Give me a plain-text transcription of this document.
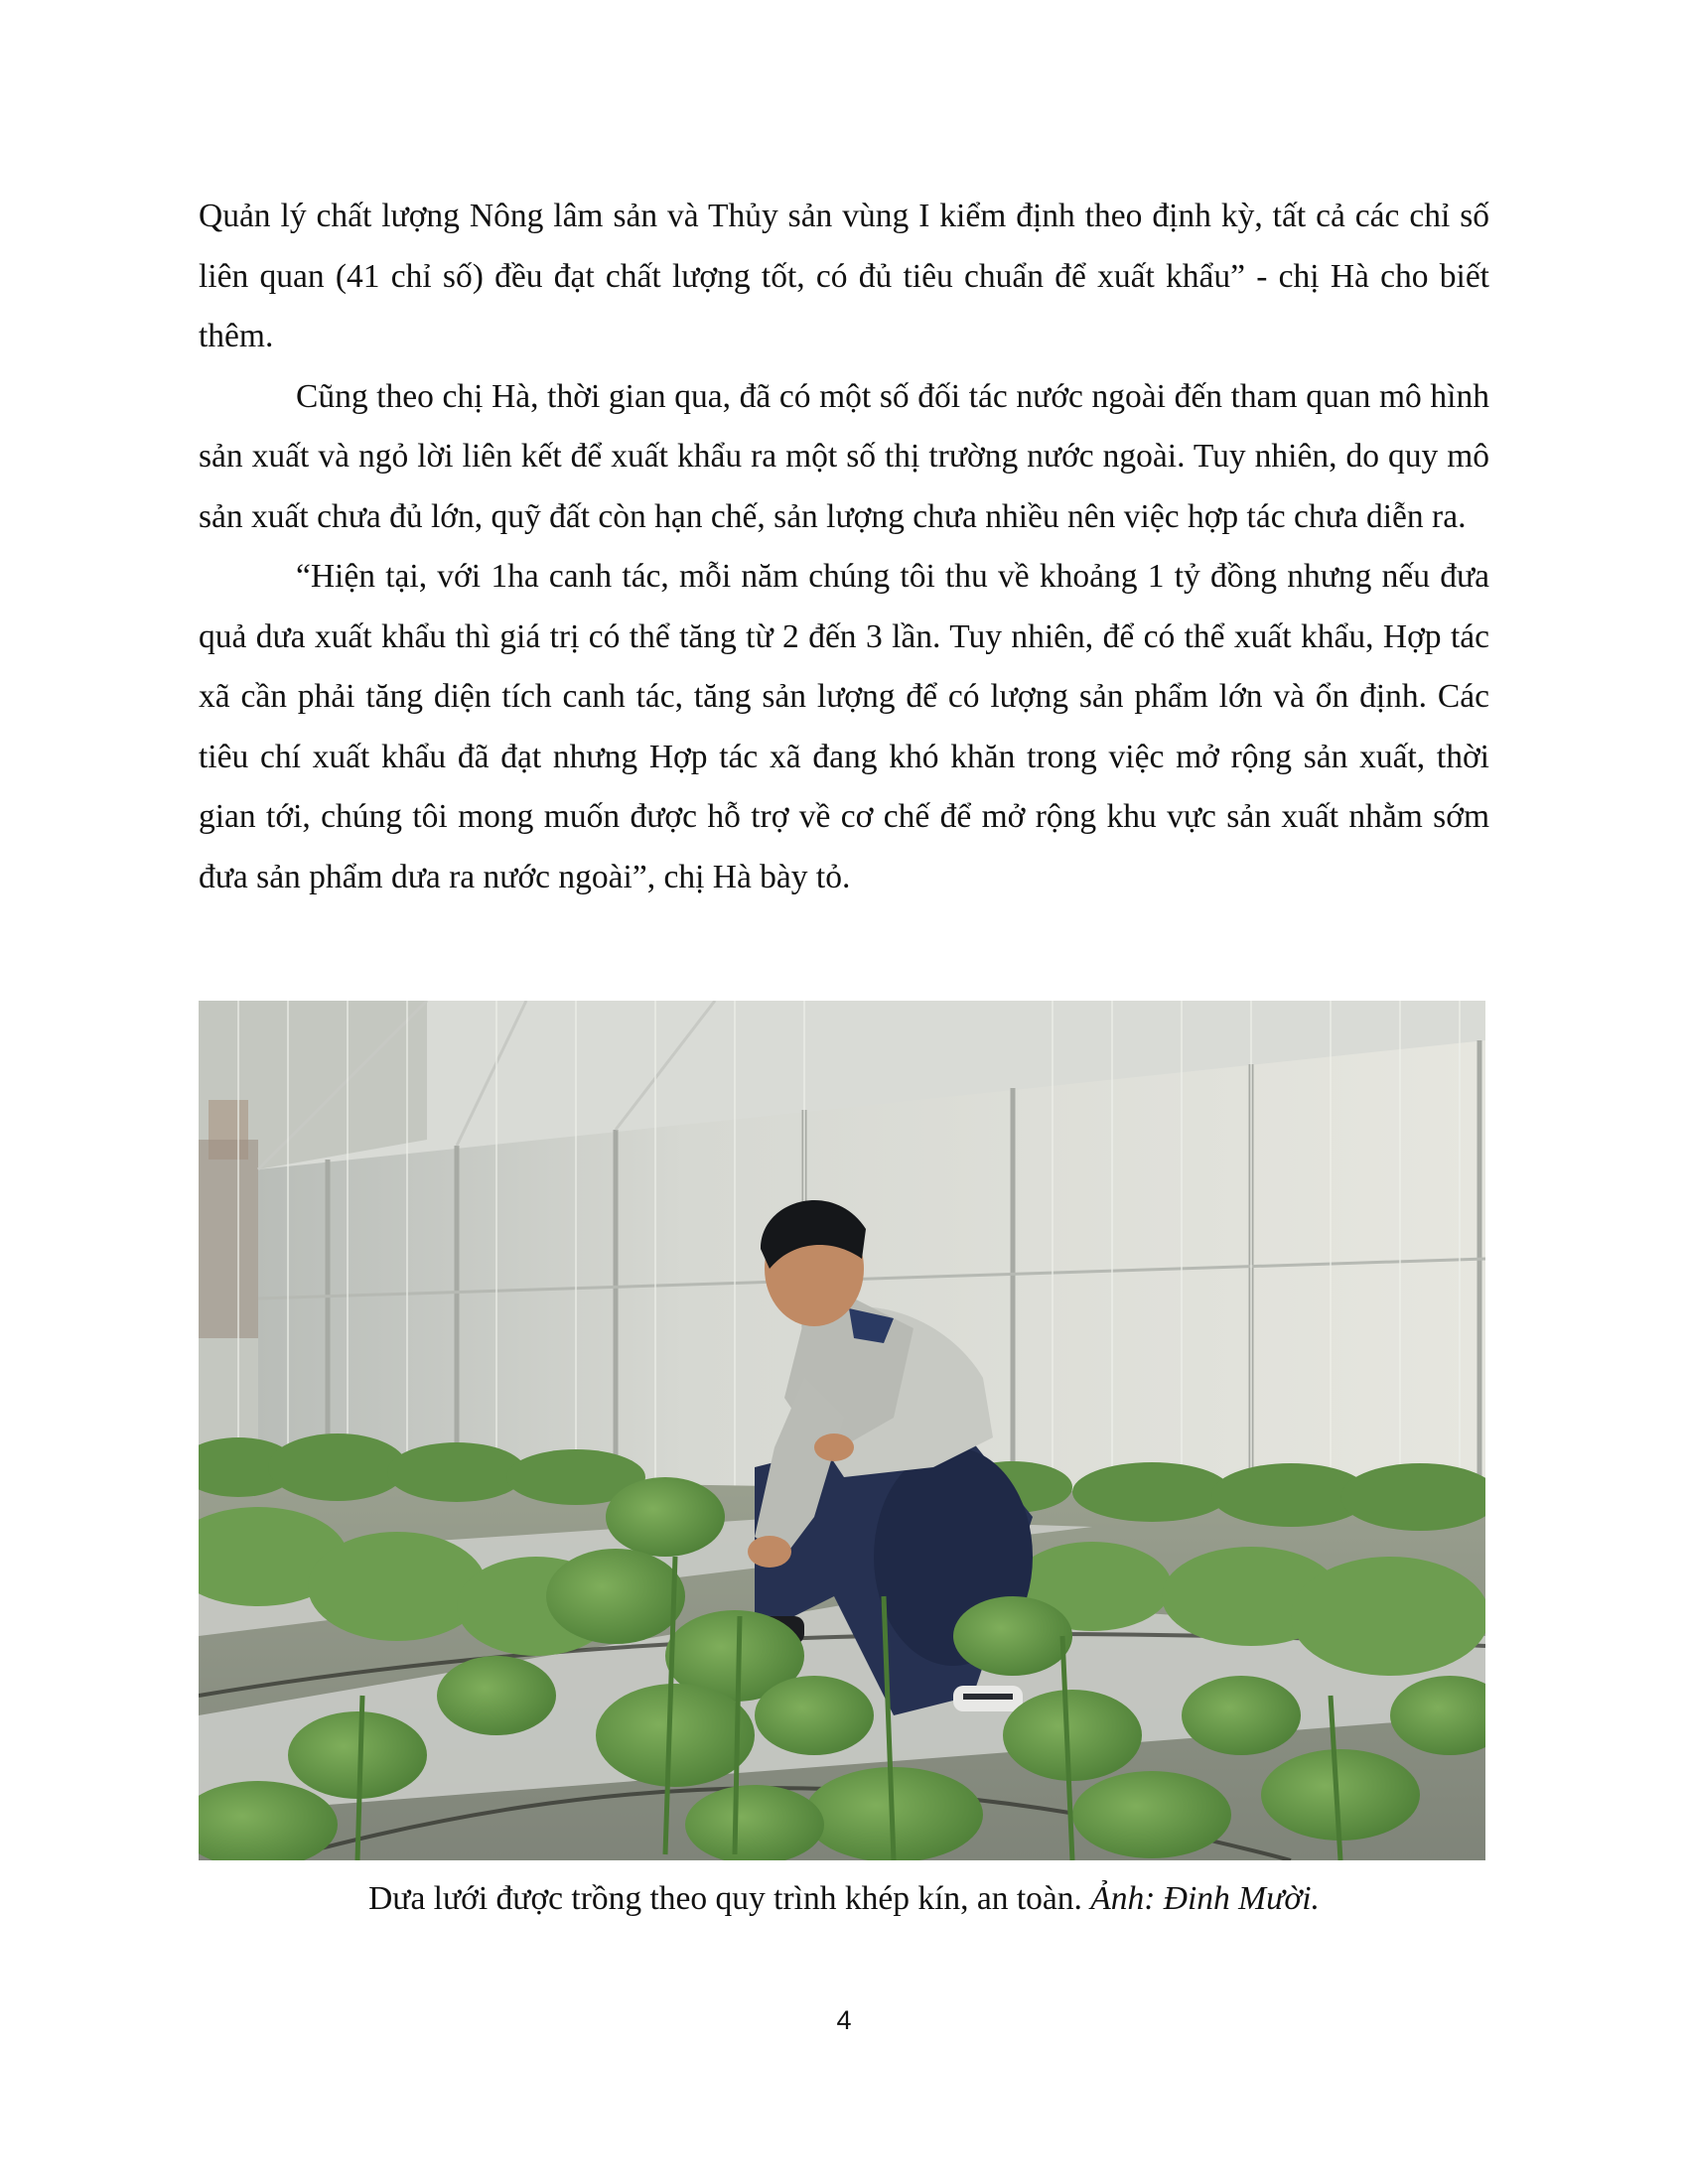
Quản lý chất lượng Nông lâm sản và Thủy sản vùng I kiểm định theo định kỳ, tất cả các chỉ số liên quan (41 chỉ số) đều đạt chất lượng tốt, có đủ tiêu chuẩn để xuất khẩu” - chị Hà cho biết thêm.

Cũng theo chị Hà, thời gian qua, đã có một số đối tác nước ngoài đến tham quan mô hình sản xuất và ngỏ lời liên kết để xuất khẩu ra một số thị trường nước ngoài. Tuy nhiên, do quy mô sản xuất chưa đủ lớn, quỹ đất còn hạn chế, sản lượng chưa nhiều nên việc hợp tác chưa diễn ra.

“Hiện tại, với 1ha canh tác, mỗi năm chúng tôi thu về khoảng 1 tỷ đồng nhưng nếu đưa quả dưa xuất khẩu thì giá trị có thể tăng từ 2 đến 3 lần. Tuy nhiên, để có thể xuất khẩu, Hợp tác xã cần phải tăng diện tích canh tác, tăng sản lượng để có lượng sản phẩm lớn và ổn định. Các tiêu chí xuất khẩu đã đạt nhưng Hợp tác xã đang khó khăn trong việc mở rộng sản xuất, thời gian tới, chúng tôi mong muốn được hỗ trợ về cơ chế để mở rộng khu vực sản xuất nhằm sớm đưa sản phẩm dưa ra nước ngoài”, chị Hà bày tỏ.

Dưa lưới được trồng theo quy trình khép kín, an toàn. Ảnh: Đinh Mười.
4
